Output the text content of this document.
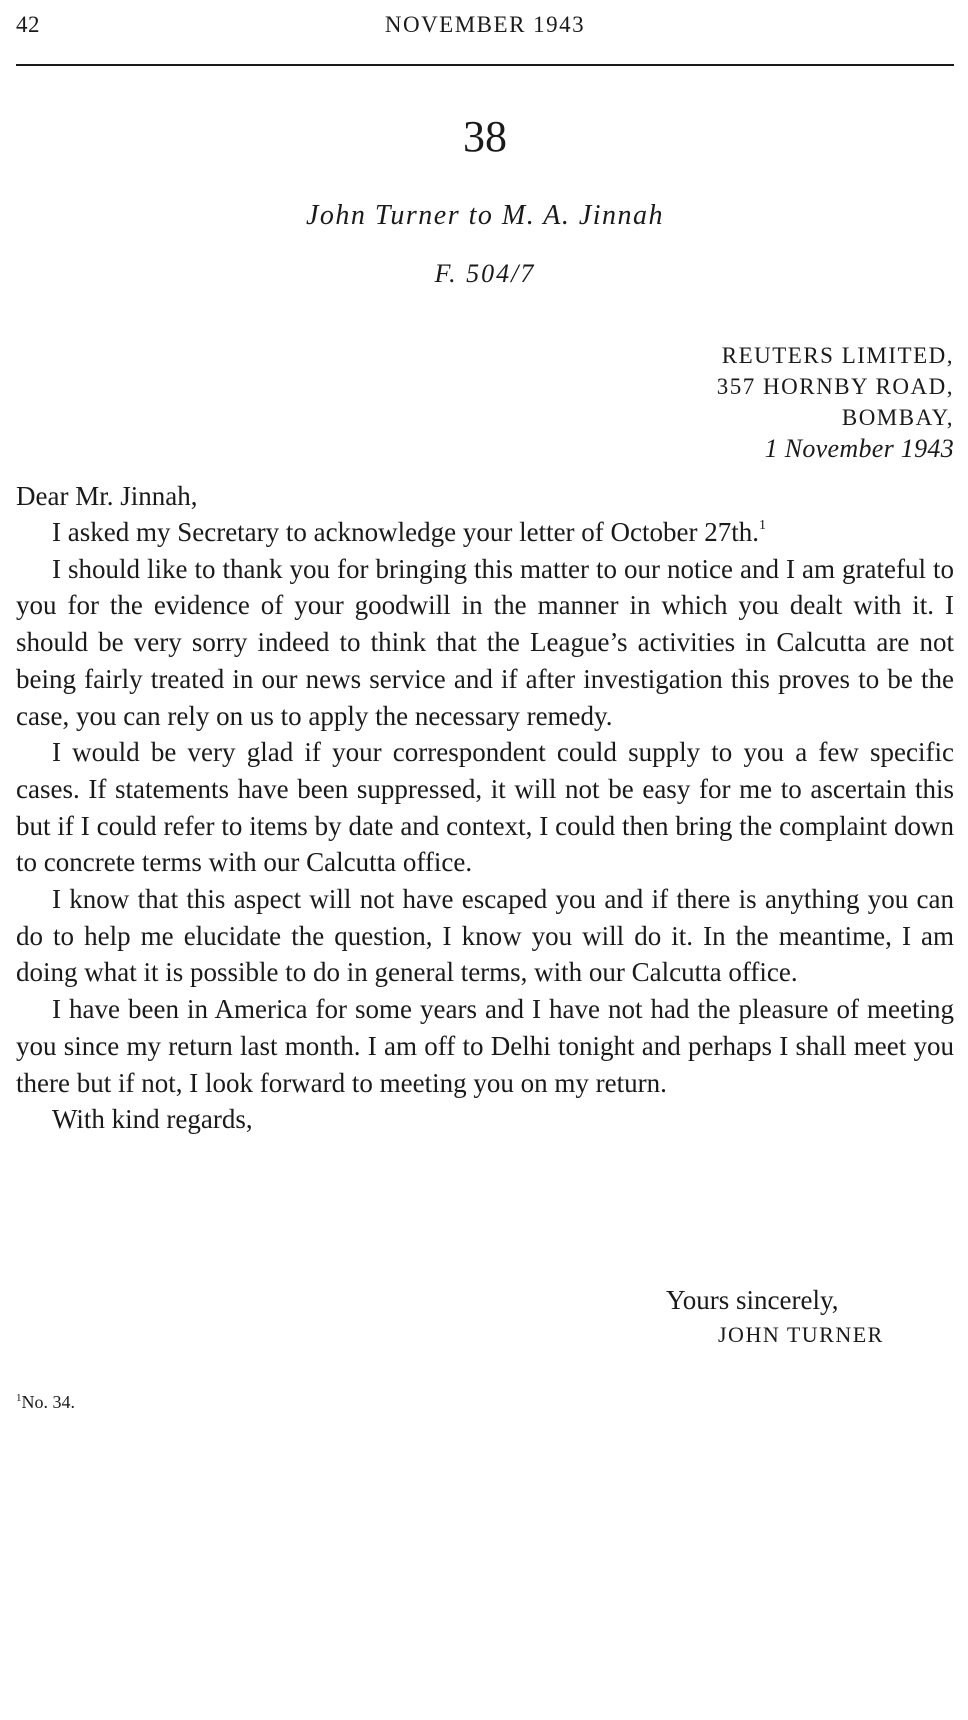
42	NOVEMBER 1943
38
John Turner to M. A. Jinnah
F. 504/7
REUTERS LIMITED,
357 HORNBY ROAD,
BOMBAY,
1 November 1943
Dear Mr. Jinnah,

I asked my Secretary to acknowledge your letter of October 27th.$^1$

I should like to thank you for bringing this matter to our notice and I am grateful to you for the evidence of your goodwill in the manner in which you dealt with it. I should be very sorry indeed to think that the League’s activities in Calcutta are not being fairly treated in our news service and if after investigation this proves to be the case, you can rely on us to apply the necessary remedy.

I would be very glad if your correspondent could supply to you a few specific cases. If statements have been suppressed, it will not be easy for me to ascertain this but if I could refer to items by date and context, I could then bring the complaint down to concrete terms with our Calcutta office.

I know that this aspect will not have escaped you and if there is anything you can do to help me elucidate the question, I know you will do it. In the meantime, I am doing what it is possible to do in general terms, with our Calcutta office.

I have been in America for some years and I have not had the pleasure of meeting you since my return last month. I am off to Delhi tonight and perhaps I shall meet you there but if not, I look forward to meeting you on my return.

With kind regards,

Yours sincerely,
JOHN TURNER
$^1$No. 34.
